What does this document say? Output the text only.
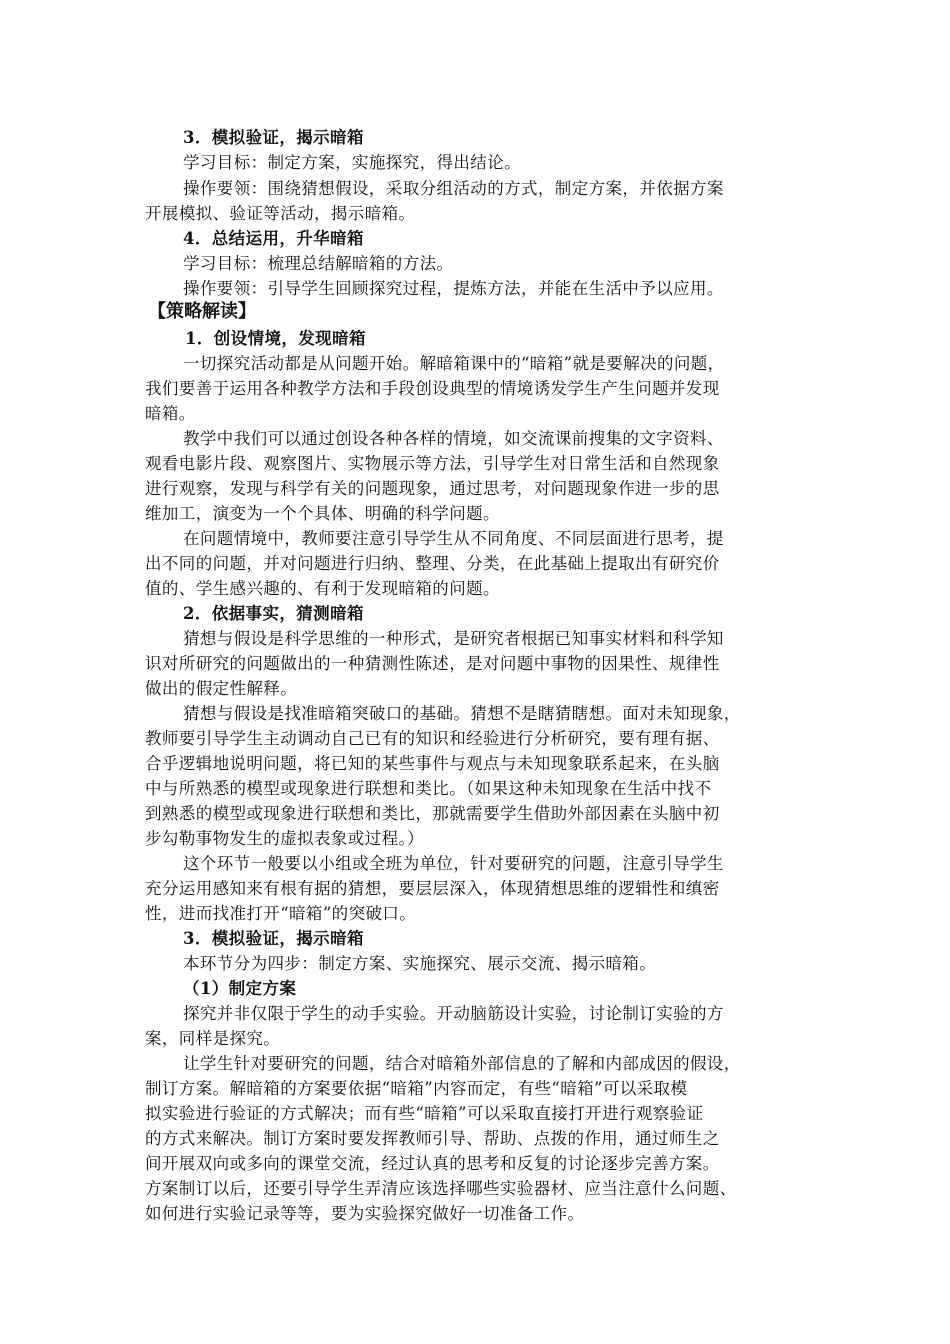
3．模拟验证，揭示暗箱
学习目标：制定方案，实施探究，得出结论。
操作要领：围绕猜想假设，采取分组活动的方式，制定方案，并依据方案
开展模拟、验证等活动，揭示暗箱。
4．总结运用，升华暗箱
学习目标：梳理总结解暗箱的方法。
操作要领：引导学生回顾探究过程，提炼方法，并能在生活中予以应用。
【策略解读】
1．创设情境，发现暗箱
一切探究活动都是从问题开始。解暗箱课中的“暗箱”就是要解决的问题，
我们要善于运用各种教学方法和手段创设典型的情境诱发学生产生问题并发现
暗箱。
教学中我们可以通过创设各种各样的情境，如交流课前搜集的文字资料、
观看电影片段、观察图片、实物展示等方法，引导学生对日常生活和自然现象
进行观察，发现与科学有关的问题现象，通过思考，对问题现象作进一步的思
维加工，演变为一个个具体、明确的科学问题。
在问题情境中，教师要注意引导学生从不同角度、不同层面进行思考，提
出不同的问题，并对问题进行归纳、整理、分类，在此基础上提取出有研究价
值的、学生感兴趣的、有利于发现暗箱的问题。
2．依据事实，猜测暗箱
猜想与假设是科学思维的一种形式，是研究者根据已知事实材料和科学知
识对所研究的问题做出的一种猜测性陈述，是对问题中事物的因果性、规律性
做出的假定性解释。
猜想与假设是找准暗箱突破口的基础。猜想不是瞎猜瞎想。面对未知现象，
教师要引导学生主动调动自己已有的知识和经验进行分析研究，要有理有据、
合乎逻辑地说明问题，将已知的某些事件与观点与未知现象联系起来，在头脑
中与所熟悉的模型或现象进行联想和类比。（如果这种未知现象在生活中找不
到熟悉的模型或现象进行联想和类比，那就需要学生借助外部因素在头脑中初
步勾勒事物发生的虚拟表象或过程。）
这个环节一般要以小组或全班为单位，针对要研究的问题，注意引导学生
充分运用感知来有根有据的猜想，要层层深入，体现猜想思维的逻辑性和缜密
性，进而找准打开“暗箱”的突破口。
3．模拟验证，揭示暗箱
本环节分为四步：制定方案、实施探究、展示交流、揭示暗箱。
（1）制定方案
探究并非仅限于学生的动手实验。开动脑筋设计实验，讨论制订实验的方
案，同样是探究。
让学生针对要研究的问题，结合对暗箱外部信息的了解和内部成因的假设，
制订方案。解暗箱的方案要依据“暗箱”内容而定，有些“暗箱”可以采取模
拟实验进行验证的方式解决；而有些“暗箱”可以采取直接打开进行观察验证
的方式来解决。制订方案时要发挥教师引导、帮助、点拨的作用，通过师生之
间开展双向或多向的课堂交流，经过认真的思考和反复的讨论逐步完善方案。
方案制订以后，还要引导学生弄清应该选择哪些实验器材、应当注意什么问题、
如何进行实验记录等等，要为实验探究做好一切准备工作。
